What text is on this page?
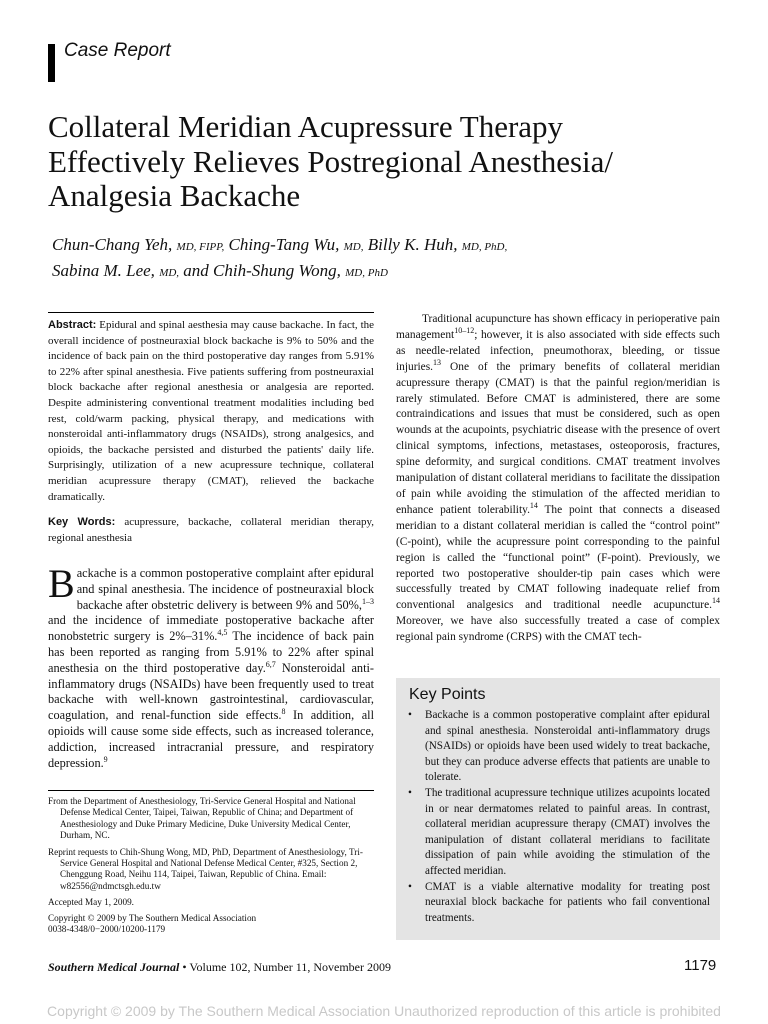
Case Report
Collateral Meridian Acupressure Therapy
Effectively Relieves Postregional Anesthesia/
Analgesia Backache
Chun-Chang Yeh, MD, FIPP, Ching-Tang Wu, MD, Billy K. Huh, MD, PhD,
Sabina M. Lee, MD, and Chih-Shung Wong, MD, PhD
Abstract: Epidural and spinal aesthesia may cause backache. In fact, the overall incidence of postneuraxial block backache is 9% to 50% and the incidence of back pain on the third postoperative day ranges from 5.91% to 22% after spinal anesthesia. Five patients suffering from postneuraxial block backache after regional anesthesia or analgesia are reported. Despite administering conventional treatment modalities including bed rest, cold/warm packing, physical therapy, and medications with nonsteroidal anti-inflammatory drugs (NSAIDs), strong analgesics, and opioids, the backache persisted and disturbed the patients' daily life. Surprisingly, utilization of a new acupressure technique, collateral meridian acupressure therapy (CMAT), relieved the backache dramatically.
Key Words: acupressure, backache, collateral meridian therapy, regional anesthesia
Backache is a common postoperative complaint after epidural and spinal anesthesia. The incidence of postneuraxial block backache after obstetric delivery is between 9% and 50%,$^{1-3}$ and the incidence of immediate postoperative backache after nonobstetric surgery is 2%–31%.$^{4,5}$ The incidence of back pain has been reported as ranging from 5.91% to 22% after spinal anesthesia on the third postoperative day.$^{6,7}$ Nonsteroidal anti-inflammatory drugs (NSAIDs) have been frequently used to treat backache with well-known gastrointestinal, cardiovascular, coagulation, and renal-function side effects.$^8$ In addition, all opioids will cause some side effects, such as increased tolerance, addiction, increased intracranial pressure, and respiratory depression.$^9$

From the Department of Anesthesiology, Tri-Service General Hospital and National Defense Medical Center, Taipei, Taiwan, Republic of China; and Department of Anesthesiology and Duke Primary Medicine, Duke University Medical Center, Durham, NC.

Reprint requests to Chih-Shung Wong, MD, PhD, Department of Anesthesiology, Tri-Service General Hospital and National Defense Medical Center, #325, Section 2, Chenggung Road, Neihu 114, Taipei, Taiwan, Republic of China. Email: w82556@ndmctsgh.edu.tw

Accepted May 1, 2009.

Copyright © 2009 by The Southern Medical Association

0038-4348/0−2000/10200-1179

Traditional acupuncture has shown efficacy in perioperative pain management$^{10-12}$; however, it is also associated with side effects such as needle-related infection, pneumothorax, bleeding, or tissue injuries.$^{13}$ One of the primary benefits of collateral meridian acupressure therapy (CMAT) is that the painful region/meridian is rarely stimulated. Before CMAT is administered, there are some contraindications and issues that must be considered, such as open wounds at the acupoints, psychiatric disease with the presence of overt clinical symptoms, infections, metastases, osteoporosis, fractures, spine deformity, and surgical conditions. CMAT treatment involves manipulation of distant collateral meridians to facilitate the dissipation of pain while avoiding the stimulation of the affected meridian to enhance patient tolerability.$^{14}$ The point that connects a diseased meridian to a distant collateral meridian is called the “control point” (C-point), while the acupressure point corresponding to the painful region is called the “functional point” (F-point). Previously, we reported two postoperative shoulder-tip pain cases which were successfully treated by CMAT following inadequate relief from conventional analgesics and traditional needle acupuncture.$^{14}$ Moreover, we have also successfully treated a case of complex regional pain syndrome (CRPS) with the CMAT tech-
Key Points
• Backache is a common postoperative complaint after epidural and spinal anesthesia. Nonsteroidal anti-inflammatory drugs (NSAIDs) or opioids have been used widely to treat backache, but they can produce adverse effects that patients are unable to tolerate.
• The traditional acupressure technique utilizes acupoints located in or near dermatomes related to painful areas. In contrast, collateral meridian acupressure therapy (CMAT) involves the manipulation of distant collateral meridians to facilitate dissipation of pain while avoiding the stimulation of the affected meridian.
• CMAT is a viable alternative modality for treating post neuraxial block backache for patients who fail conventional treatments.
Southern Medical Journal • Volume 102, Number 11, November 2009	1179
Copyright © 2009 by The Southern Medical Association Unauthorized reproduction of this article is prohibited
